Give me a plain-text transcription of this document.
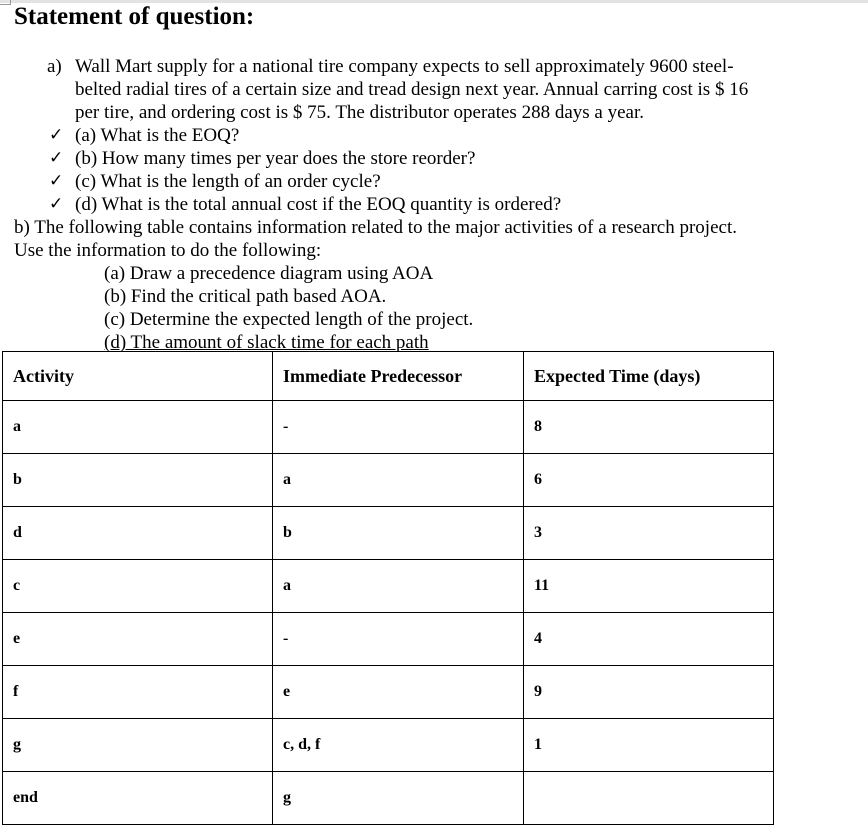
Statement of question:
a) Wall Mart supply for a national tire company expects to sell approximately 9600 steel-
belted radial tires of a certain size and tread design next year. Annual carring cost is $ 16
per tire, and ordering cost is $ 75. The distributor operates 288 days a year.
✓ (a) What is the EOQ?
✓ (b) How many times per year does the store reorder?
✓ (c) What is the length of an order cycle?
✓ (d) What is the total annual cost if the EOQ quantity is ordered?
b) The following table contains information related to the major activities of a research project.
Use the information to do the following:
(a) Draw a precedence diagram using AOA
(b) Find the critical path based AOA.
(c) Determine the expected length of the project.
(d) The amount of slack time for each path
Activity	Immediate Predecessor	Expected Time (days)
a	-	8
b	a	6
d	b	3
c	a	11
e	-	4
f	e	9
g	c, d, f	1
end	g	
